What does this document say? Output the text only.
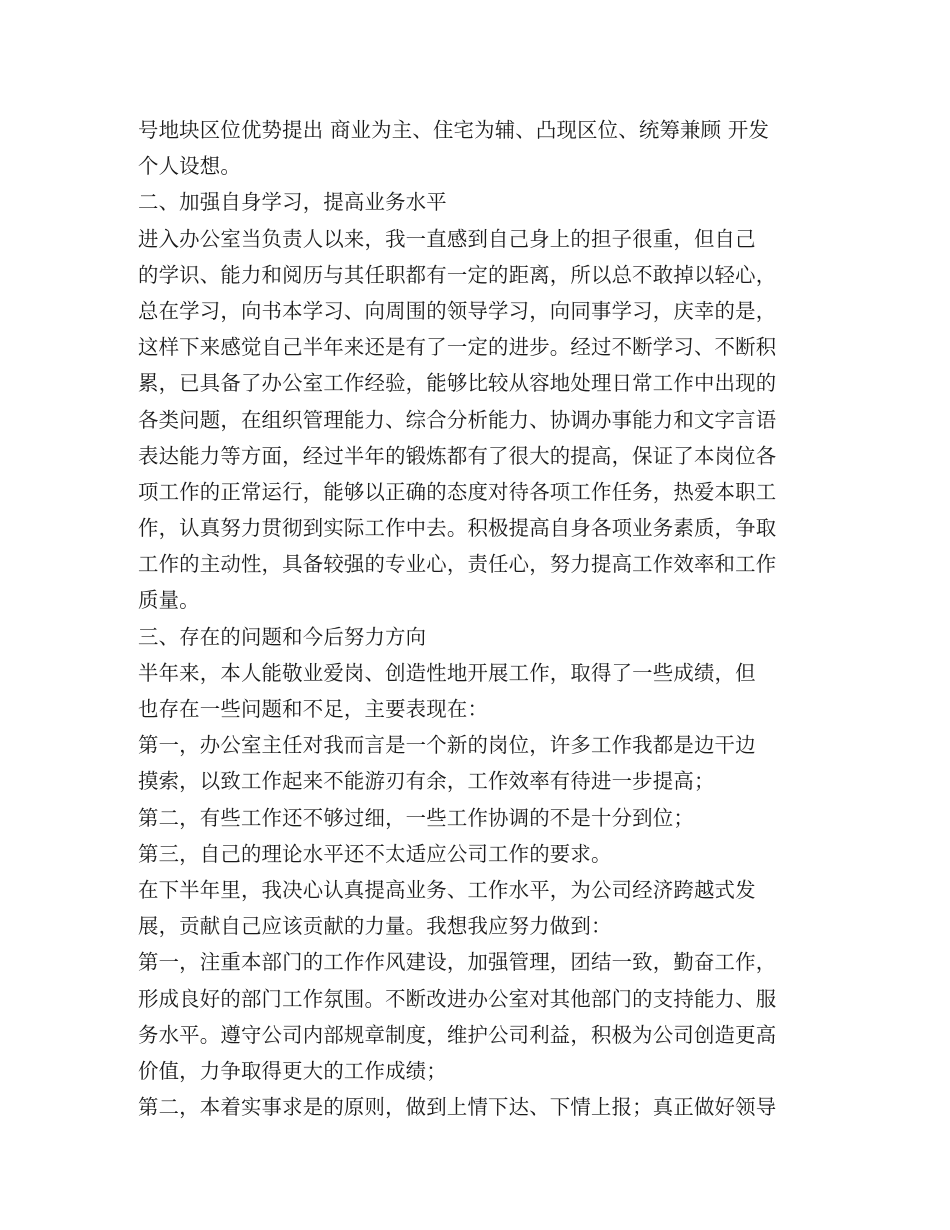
号地块区位优势提出 商业为主、住宅为辅、凸现区位、统筹兼顾 开发
个人设想。
二、加强自身学习，提高业务水平
进入办公室当负责人以来，我一直感到自己身上的担子很重，但自己
的学识、能力和阅历与其任职都有一定的距离，所以总不敢掉以轻心，
总在学习，向书本学习、向周围的领导学习，向同事学习，庆幸的是，
这样下来感觉自己半年来还是有了一定的进步。经过不断学习、不断积
累，已具备了办公室工作经验，能够比较从容地处理日常工作中出现的
各类问题，在组织管理能力、综合分析能力、协调办事能力和文字言语
表达能力等方面，经过半年的锻炼都有了很大的提高，保证了本岗位各
项工作的正常运行，能够以正确的态度对待各项工作任务，热爱本职工
作，认真努力贯彻到实际工作中去。积极提高自身各项业务素质，争取
工作的主动性，具备较强的专业心，责任心，努力提高工作效率和工作
质量。
三、存在的问题和今后努力方向
半年来，本人能敬业爱岗、创造性地开展工作，取得了一些成绩，但
也存在一些问题和不足，主要表现在：
第一，办公室主任对我而言是一个新的岗位，许多工作我都是边干边
摸索，以致工作起来不能游刃有余，工作效率有待进一步提高；
第二，有些工作还不够过细，一些工作协调的不是十分到位；
第三，自己的理论水平还不太适应公司工作的要求。
在下半年里，我决心认真提高业务、工作水平，为公司经济跨越式发
展，贡献自己应该贡献的力量。我想我应努力做到：
第一，注重本部门的工作作风建设，加强管理，团结一致，勤奋工作，
形成良好的部门工作氛围。不断改进办公室对其他部门的支持能力、服
务水平。遵守公司内部规章制度，维护公司利益，积极为公司创造更高
价值，力争取得更大的工作成绩；
第二，本着实事求是的原则，做到上情下达、下情上报；真正做好领导
